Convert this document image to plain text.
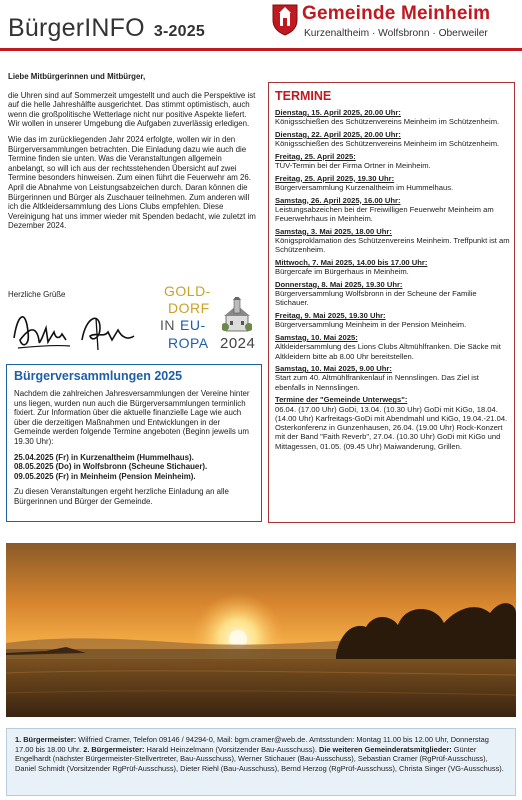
BürgerINFO 3-2025
Gemeinde Meinheim
Kurzenaltheim · Wolfsbronn · Oberweiler
Liebe Mitbürgerinnen und Mitbürger,

die Uhren sind auf Sommerzeit umgestellt und auch die Perspektive ist auf die helle Jahreshälfte ausgerichtet. Das stimmt optimistisch, auch wenn die großpolitische Wetterlage nicht nur positive Aspekte liefert. Wir wollen in unserer Umgebung die Aufgaben zuverlässig erledigen.

Wie das im zurückliegenden Jahr 2024 erfolgte, wollen wir in den Bürgerversammlungen betrachten. Die Einladung dazu wie auch die Termine finden sie unten. Was die Veranstaltungen allgemein anbelangt, so will ich aus der rechtsstehenden Übersicht auf zwei Termine besonders hinweisen. Zum einen führt die Feuerwehr am 26. April die Abnahme von Leistungsabzeichen durch. Daran können die Bürgerinnen und Bürger als Zuschauer teilnehmen. Zum anderen will ich die Altkleidersammlung des Lions Clubs empfehlen. Diese Vereinigung hat uns immer wieder mit Spenden bedacht, wie zuletzt im Dezember 2024.

Herzliche Grüße	GOLD-
DORF
IN EU-
ROPA 2024
Bürgerversammlungen 2025

Nachdem die zahlreichen Jahresversammlungen der Vereine hinter uns liegen, wurden nun auch die Bürgerversammlungen terminlich fixiert. Zur Information über die aktuelle finanzielle Lage wie auch über die derzeitigen Maßnahmen und Entwicklungen in der Gemeinde werden folgende Termine angeboten (Beginn jeweils um 19.30 Uhr):

25.04.2025 (Fr) in Kurzenaltheim (Hummelhaus).
08.05.2025 (Do) in Wolfsbronn (Scheune Stichauer).
09.05.2025 (Fr) in Meinheim (Pension Meinheim).

Zu diesen Veranstaltungen ergeht herzliche Einladung an alle Bürgerinnen und Bürger der Gemeinde.

TERMINE
Dienstag, 15. April 2025, 20.00 Uhr:
Königsschießen des Schützenvereins Meinheim im Schützenheim.
Dienstag, 22. April 2025, 20.00 Uhr:
Königsschießen des Schützenvereins Meinheim im Schützenheim.
Freitag, 25. April 2025:
TÜV-Termin bei der Firma Ortner in Meinheim.
Freitag, 25. April 2025, 19.30 Uhr:
Bürgerversammlung Kurzenaltheim im Hummelhaus.
Samstag, 26. April 2025, 16.00 Uhr:
Leistungsabzeichen bei der Freiwilligen Feuerwehr Meinheim am Feuerwehrhaus in Meinheim.
Samstag, 3. Mai 2025, 18.00 Uhr:
Königsproklamation des Schützenvereins Meinheim. Treffpunkt ist am Schützenheim.
Mittwoch, 7. Mai 2025, 14.00 bis 17.00 Uhr:
Bürgercafe im Bürgerhaus in Meinheim.
Donnerstag, 8. Mai 2025, 19.30 Uhr:
Bürgerversammlung Wolfsbronn in der Scheune der Familie Stichauer.
Freitag, 9. Mai 2025, 19.30 Uhr:
Bürgerversammlung Meinheim in der Pension Meinheim.
Samstag, 10. Mai 2025:
Altkleidersammlung des Lions Clubs Altmühlfranken. Die Säcke mit Altkleidern bitte ab 8.00 Uhr bereitstellen.
Samstag, 10. Mai 2025, 9.00 Uhr:
Start zum 40. Altmühlfrankenlauf in Nennslingen. Das Ziel ist ebenfalls in Nennslingen.
Termine der "Gemeinde Unterwegs":
06.04. (17.00 Uhr) GoDi, 13.04. (10.30 Uhr) GoDi mit KiGo, 18.04. (14.00 Uhr) Karfreitags-GoDi mit Abendmahl und KiGo, 19.04.-21.04. Osterkonferenz in Gunzenhausen, 26.04. (19.00 Uhr) Rock-Konzert mit der Band "Faith Reverb", 27.04. (10.30 Uhr) GoDi mit KiGo und Mittagessen, 01.05. (09.45 Uhr) Maiwanderung, Grillen.
1. Bürgermeister: Wilfried Cramer, Telefon 09146 / 94294-0, Mail: bgm.cramer@web.de. Amtsstunden: Montag 11.00 bis 12.00 Uhr, Donnerstag 17.00 bis 18.00 Uhr. 2. Bürgermeister: Harald Heinzelmann (Vorsitzender Bau-Ausschuss). Die weiteren Gemeinderatsmitglieder: Günter Engelhardt (nächster Bürgermeister-Stellvertreter, Bau-Ausschuss), Werner Stichauer (Bau-Ausschuss), Sebastian Cramer (RgPrüf-Ausschuss), Daniel Schmidt (Vorsitzender RgPrüf-Ausschuss), Dieter Riehl (Bau-Ausschuss), Bernd Herzog (RgPrüf-Ausschuss), Christa Singer (VG-Ausschuss).
